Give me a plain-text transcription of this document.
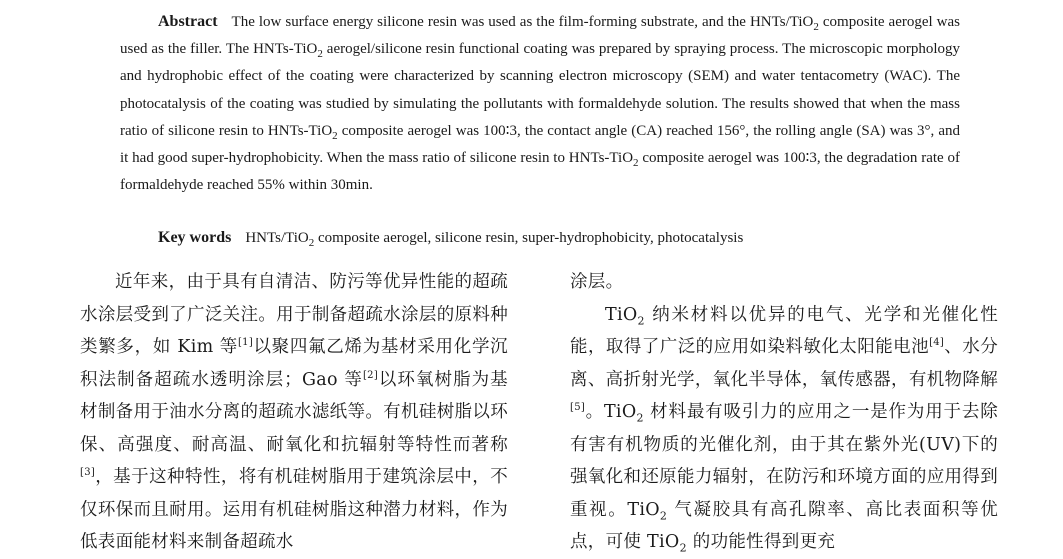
Abstract The low surface energy silicone resin was used as the film-forming substrate, and the HNTs/TiO$_2$ composite aerogel was used as the filler. The HNTs-TiO$_2$ aerogel/silicone resin functional coating was prepared by spraying process. The microscopic morphology and hydrophobic effect of the coating were characterized by scanning electron microscopy (SEM) and water tentacometry (WAC). The photocatalysis of the coating was studied by simulating the pollutants with formaldehyde solution. The results showed that when the mass ratio of silicone resin to HNTs-TiO$_2$ composite aerogel was 100∶3, the contact angle (CA) reached 156°, the rolling angle (SA) was 3°, and it had good super-hydrophobicity. When the mass ratio of silicone resin to HNTs-TiO$_2$ composite aerogel was 100∶3, the degradation rate of formaldehyde reached 55% within 30min.
Key words HNTs/TiO$_2$ composite aerogel, silicone resin, super-hydrophobicity, photocatalysis

近年来，由于具有自清洁、防污等优异性能的超疏水涂层受到了广泛关注。用于制备超疏水涂层的原料种类繁多，如 Kim 等[1]以聚四氟乙烯为基材采用化学沉积法制备超疏水透明涂层；Gao 等[2]以环氧树脂为基材制备用于油水分离的超疏水滤纸等。有机硅树脂以环保、高强度、耐高温、耐氧化和抗辐射等特性而著称[3]，基于这种特性，将有机硅树脂用于建筑涂层中，不仅环保而且耐用。运用有机硅树脂这种潜力材料，作为低表面能材料来制备超疏水

涂层。

TiO$_2$ 纳米材料以优异的电气、光学和光催化性能，取得了广泛的应用如染料敏化太阳能电池[4]、水分离、高折射光学，氧化半导体，氧传感器，有机物降解[5]。TiO$_2$ 材料最有吸引力的应用之一是作为用于去除有害有机物质的光催化剂，由于其在紫外光(UV)下的强氧化和还原能力辐射，在防污和环境方面的应用得到重视。TiO$_2$ 气凝胶具有高孔隙率、高比表面积等优点，可使 TiO$_2$ 的功能性得到更充
